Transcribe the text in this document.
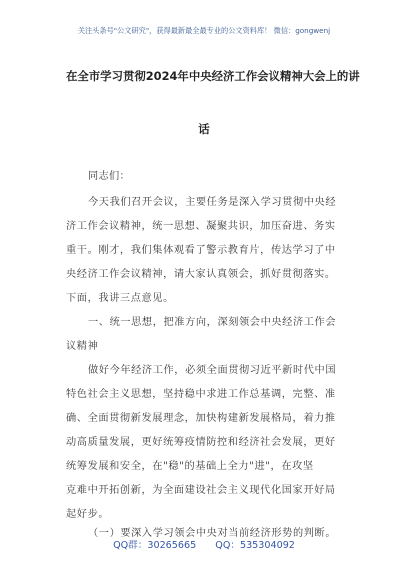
关注头条号"公文研究"，获得最新最全最专业的公文资料库！ 微信：gongwenj
在全市学习贯彻2024年中央经济工作会议精神大会上的讲
话
同志们：
今天我们召开会议，主要任务是深入学习贯彻中央经
济工作会议精神，统一思想、凝聚共识，加压奋进、务实
重干。刚才，我们集体观看了警示教育片，传达学习了中
央经济工作会议精神，请大家认真领会，抓好贯彻落实。
下面，我讲三点意见。
一、统一思想，把准方向，深刻领会中央经济工作会
议精神
做好今年经济工作，必须全面贯彻习近平新时代中国
特色社会主义思想，坚持稳中求进工作总基调，完整、准
确、全面贯彻新发展理念，加快构建新发展格局，着力推
动高质量发展，更好统筹疫情防控和经济社会发展，更好
统筹发展和安全，在"稳"的基础上全力"进"，在攻坚
克难中开拓创新，为全面建设社会主义现代化国家开好局
起好步。
（一）要深入学习领会中央对当前经济形势的判断。
QQ群：30265665 QQ：535304092
